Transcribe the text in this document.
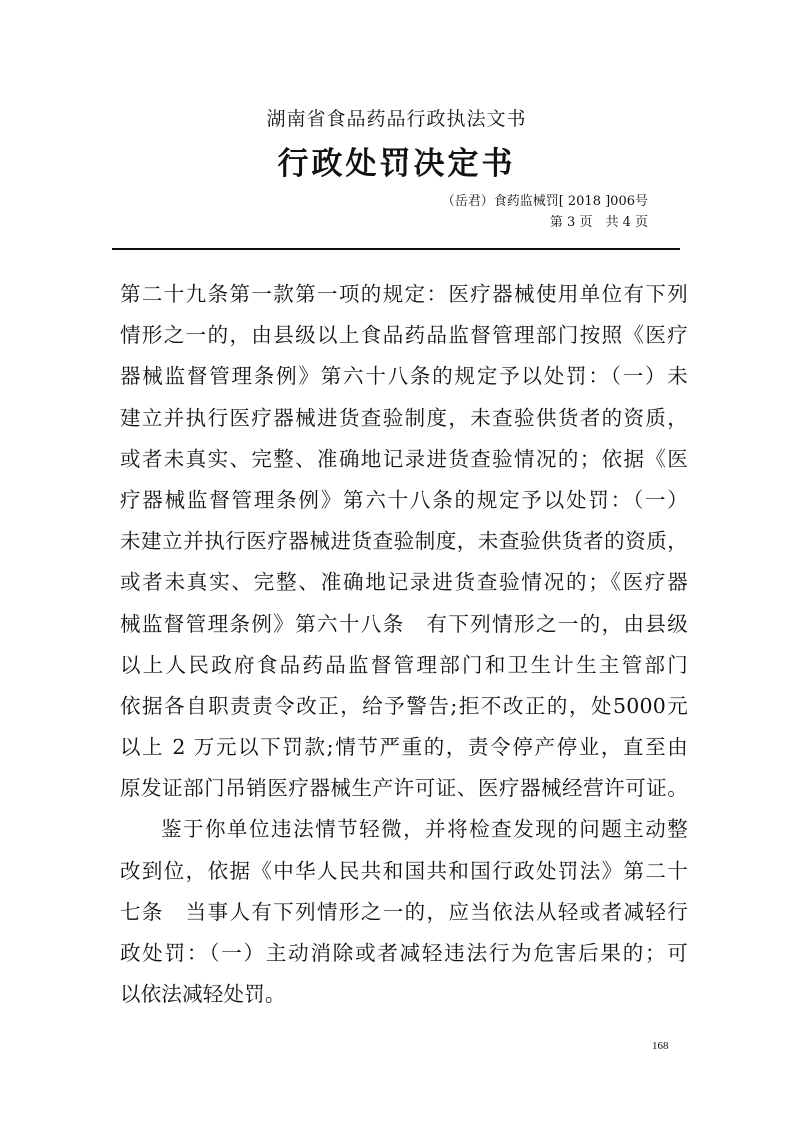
湖南省食品药品行政执法文书
行政处罚决定书
（岳君）食药监械罚[ 2018 ]006号
第 3 页　共 4 页
第二十九条第一款第一项的规定：医疗器械使用单位有下列
情形之一的，由县级以上食品药品监督管理部门按照《医疗
器械监督管理条例》第六十八条的规定予以处罚：（一）未
建立并执行医疗器械进货查验制度，未查验供货者的资质，
或者未真实、完整、准确地记录进货查验情况的；依据《医
疗器械监督管理条例》第六十八条的规定予以处罚：（一）
未建立并执行医疗器械进货查验制度，未查验供货者的资质，
或者未真实、完整、准确地记录进货查验情况的；《医疗器
械监督管理条例》第六十八条　有下列情形之一的，由县级
以上人民政府食品药品监督管理部门和卫生计生主管部门
依据各自职责责令改正，给予警告;拒不改正的，处5000元
以上 2 万元以下罚款;情节严重的，责令停产停业，直至由
原发证部门吊销医疗器械生产许可证、医疗器械经营许可证。
鉴于你单位违法情节轻微，并将检查发现的问题主动整
改到位，依据《中华人民共和国共和国行政处罚法》第二十
七条　当事人有下列情形之一的，应当依法从轻或者减轻行
政处罚：（一）主动消除或者减轻违法行为危害后果的；可
以依法减轻处罚。
168
